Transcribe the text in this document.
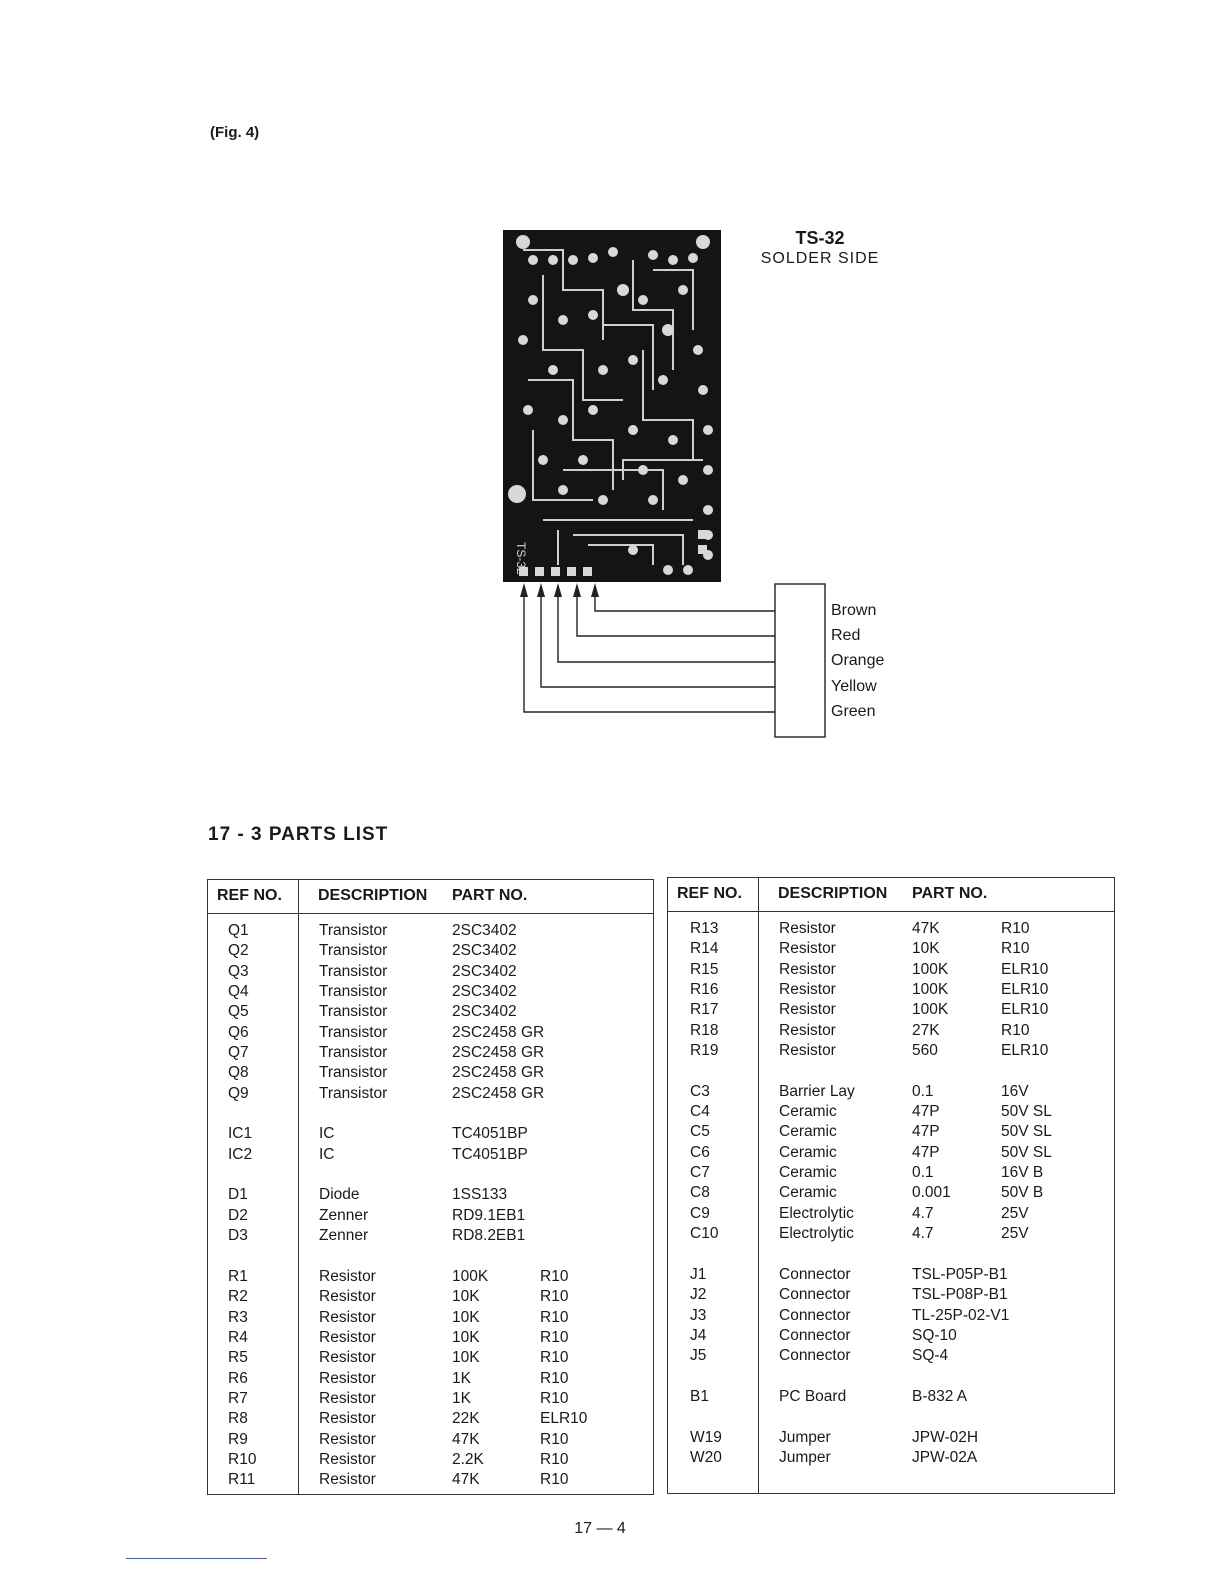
(Fig. 4)
TS-32
TS-32
SOLDER SIDE
Brown
Red
Orange
Yellow
Green
17 - 3 PARTS LIST
REF NO. DESCRIPTION PART NO.
Q1	Transistor	2SC3402
Q2	Transistor	2SC3402
Q3	Transistor	2SC3402
Q4	Transistor	2SC3402
Q5	Transistor	2SC3402
Q6	Transistor	2SC2458 GR
Q7	Transistor	2SC2458 GR
Q8	Transistor	2SC2458 GR
Q9	Transistor	2SC2458 GR
IC1	IC	TC4051BP
IC2	IC	TC4051BP
D1	Diode	1SS133
D2	Zenner	RD9.1EB1
D3	Zenner	RD8.2EB1
R1	Resistor	100K	R10
R2	Resistor	10K	R10
R3	Resistor	10K	R10
R4	Resistor	10K	R10
R5	Resistor	10K	R10
R6	Resistor	1K	R10
R7	Resistor	1K	R10
R8	Resistor	22K	ELR10
R9	Resistor	47K	R10
R10	Resistor	2.2K	R10
R11	Resistor	47K	R10
REF NO. DESCRIPTION PART NO.
R13	Resistor	47K	R10
R14	Resistor	10K	R10
R15	Resistor	100K	ELR10
R16	Resistor	100K	ELR10
R17	Resistor	100K	ELR10
R18	Resistor	27K	R10
R19	Resistor	560	ELR10
C3	Barrier Lay	0.1	16V
C4	Ceramic	47P	50V SL
C5	Ceramic	47P	50V SL
C6	Ceramic	47P	50V SL
C7	Ceramic	0.1	16V B
C8	Ceramic	0.001	50V B
C9	Electrolytic	4.7	25V
C10	Electrolytic	4.7	25V
J1	Connector	TSL-P05P-B1
J2	Connector	TSL-P08P-B1
J3	Connector	TL-25P-02-V1
J4	Connector	SQ-10
J5	Connector	SQ-4
B1	PC Board	B-832 A
W19	Jumper	JPW-02H
W20	Jumper	JPW-02A
17 — 4
